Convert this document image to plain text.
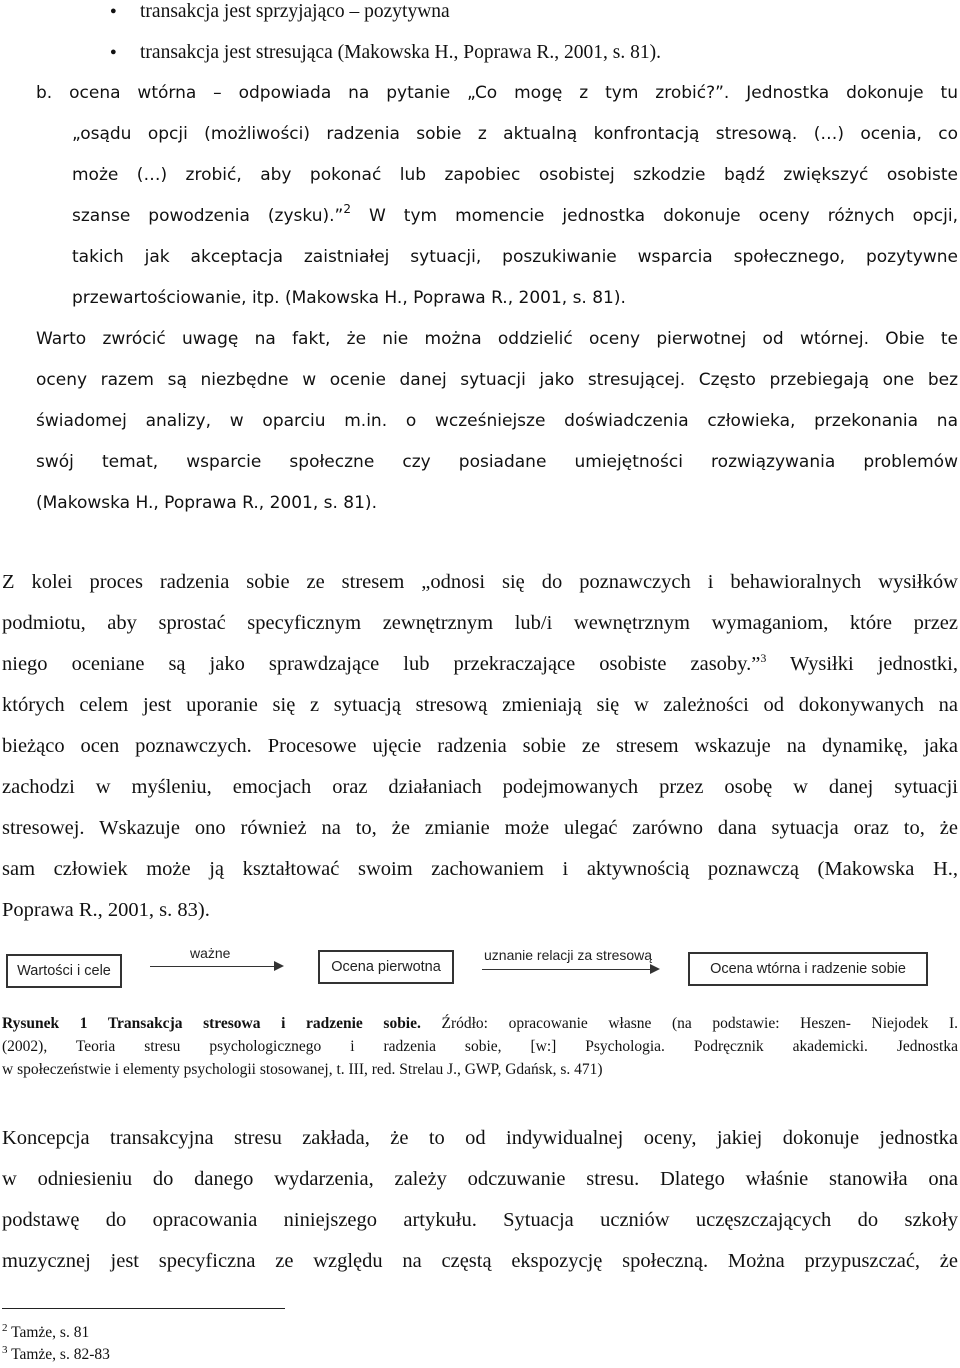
● transakcja jest sprzyjająco – pozytywna
● transakcja jest stresująca (Makowska H., Poprawa R., 2001, s. 81).
b. ocena wtórna – odpowiada na pytanie „Co mogę z tym zrobić?”. Jednostka dokonuje tu
„osądu opcji (możliwości) radzenia sobie z aktualną konfrontacją stresową. (…) ocenia, co
może (…) zrobić, aby pokonać lub zapobiec osobistej szkodzie bądź zwiększyć osobiste
szanse powodzenia (zysku).”$^2$ W tym momencie jednostka dokonuje oceny różnych opcji,
takich jak akceptacja zaistniałej sytuacji, poszukiwanie wsparcia społecznego, pozytywne
przewartościowanie, itp. (Makowska H., Poprawa R., 2001, s. 81).
Warto zwrócić uwagę na fakt, że nie można oddzielić oceny pierwotnej od wtórnej. Obie te
oceny razem są niezbędne w ocenie danej sytuacji jako stresującej. Często przebiegają one bez
świadomej analizy, w oparciu m.in. o wcześniejsze doświadczenia człowieka, przekonania na
swój temat, wsparcie społeczne czy posiadane umiejętności rozwiązywania problemów
(Makowska H., Poprawa R., 2001, s. 81).
Z kolei proces radzenia sobie ze stresem „odnosi się do poznawczych i behawioralnych wysiłków
podmiotu, aby sprostać specyficznym zewnętrznym lub/i wewnętrznym wymaganiom, które przez
niego oceniane są jako sprawdzające lub przekraczające osobiste zasoby.”$^3$ Wysiłki jednostki,
których celem jest uporanie się z sytuacją stresową zmieniają się w zależności od dokonywanych na
bieżąco ocen poznawczych. Procesowe ujęcie radzenia sobie ze stresem wskazuje na dynamikę, jaka
zachodzi w myśleniu, emocjach oraz działaniach podejmowanych przez osobę w danej sytuacji
stresowej. Wskazuje ono również na to, że zmianie może ulegać zarówno dana sytuacja oraz to, że
sam człowiek może ją kształtować swoim zachowaniem i aktywnością poznawczą (Makowska H.,
Poprawa R., 2001, s. 83).
Wartości i cele
ważne
Ocena pierwotna
uznanie relacji za stresową
Ocena wtórna i radzenie sobie
Rysunek 1 Transakcja stresowa i radzenie sobie. Źródło: opracowanie własne (na podstawie: Heszen- Niejodek I.
(2002), Teoria stresu psychologicznego i radzenia sobie, [w:] Psychologia. Podręcznik akademicki. Jednostka
w społeczeństwie i elementy psychologii stosowanej, t. III, red. Strelau J., GWP, Gdańsk, s. 471)
Koncepcja transakcyjna stresu zakłada, że to od indywidualnej oceny, jakiej dokonuje jednostka
w odniesieniu do danego wydarzenia, zależy odczuwanie stresu. Dlatego właśnie stanowiła ona
podstawę do opracowania niniejszego artykułu. Sytuacja uczniów uczęszczających do szkoły
muzycznej jest specyficzna ze względu na częstą ekspozycję społeczną. Można przypuszczać, że
$^2$ Tamże, s. 81
$^3$ Tamże, s. 82-83
